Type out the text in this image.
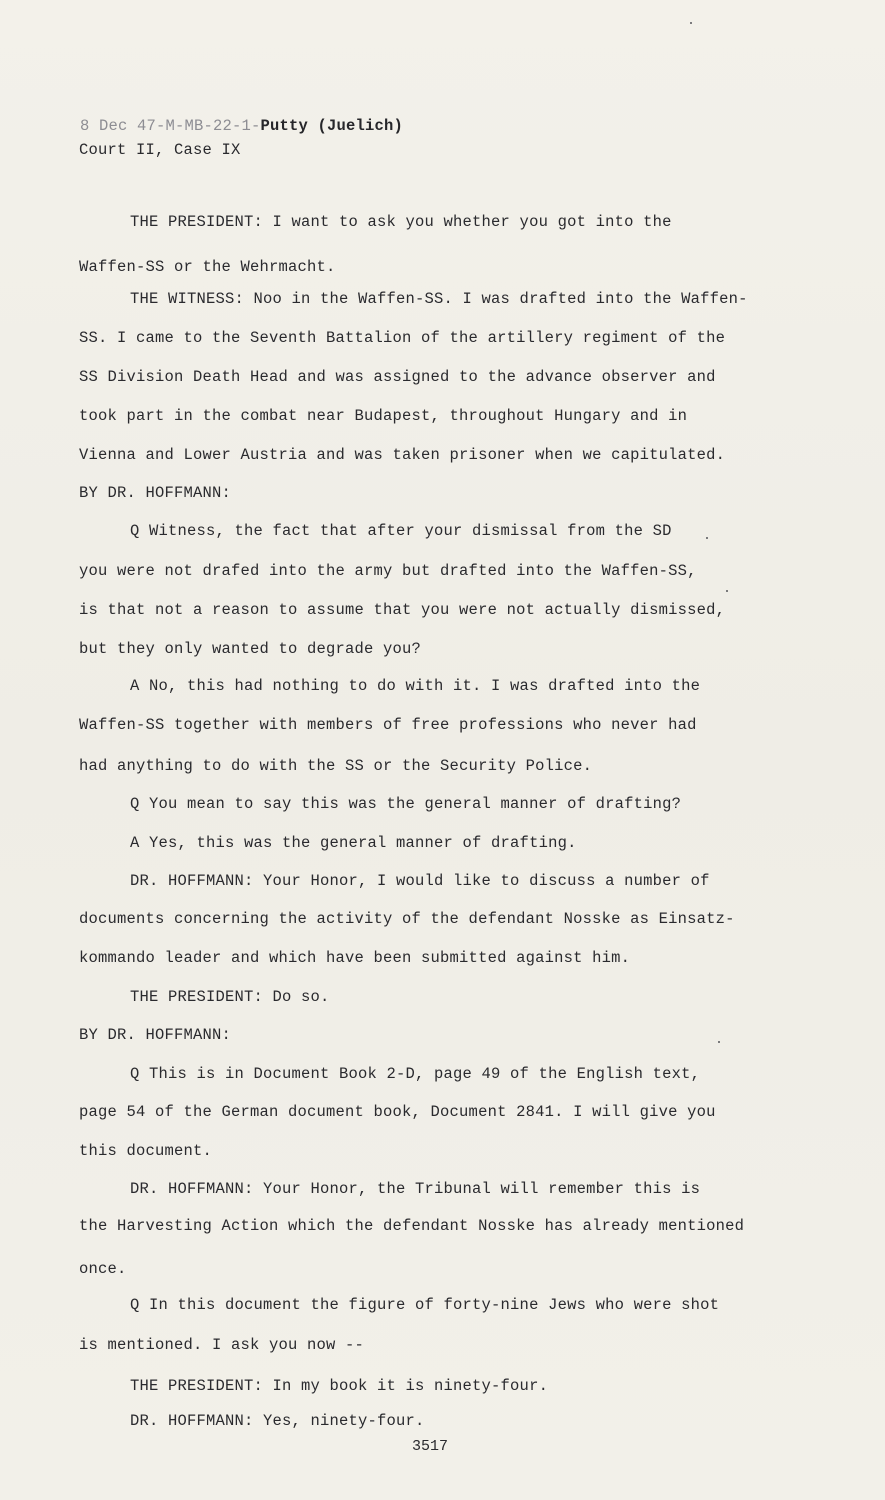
8 Dec 47-M-MB-22-1-Putty (Juelich)
Court II, Case IX
THE PRESIDENT: I want to ask you whether you got into the
Waffen-SS or the Wehrmacht.
THE WITNESS: Noo in the Waffen-SS. I was drafted into the Waffen-
SS. I came to the Seventh Battalion of the artillery regiment of the
SS Division Death Head and was assigned to the advance observer and
took part in the combat near Budapest, throughout Hungary and in
Vienna and Lower Austria and was taken prisoner when we capitulated.
BY DR. HOFFMANN:
Q Witness, the fact that after your dismissal from the SD
you were not drafed into the army but drafted into the Waffen-SS,
is that not a reason to assume that you were not actually dismissed,
but they only wanted to degrade you?
A No, this had nothing to do with it. I was drafted into the
Waffen-SS together with members of free professions who never had
had anything to do with the SS or the Security Police.
Q You mean to say this was the general manner of drafting?
A Yes, this was the general manner of drafting.
DR. HOFFMANN: Your Honor, I would like to discuss a number of
documents concerning the activity of the defendant Nosske as Einsatz-
kommando leader and which have been submitted against him.
THE PRESIDENT: Do so.
BY DR. HOFFMANN:
Q This is in Document Book 2-D, page 49 of the English text,
page 54 of the German document book, Document 2841. I will give you
this document.
DR. HOFFMANN: Your Honor, the Tribunal will remember this is
the Harvesting Action which the defendant Nosske has already mentioned
once.
Q In this document the figure of forty-nine Jews who were shot
is mentioned. I ask you now --
THE PRESIDENT: In my book it is ninety-four.
DR. HOFFMANN: Yes, ninety-four.
3517
